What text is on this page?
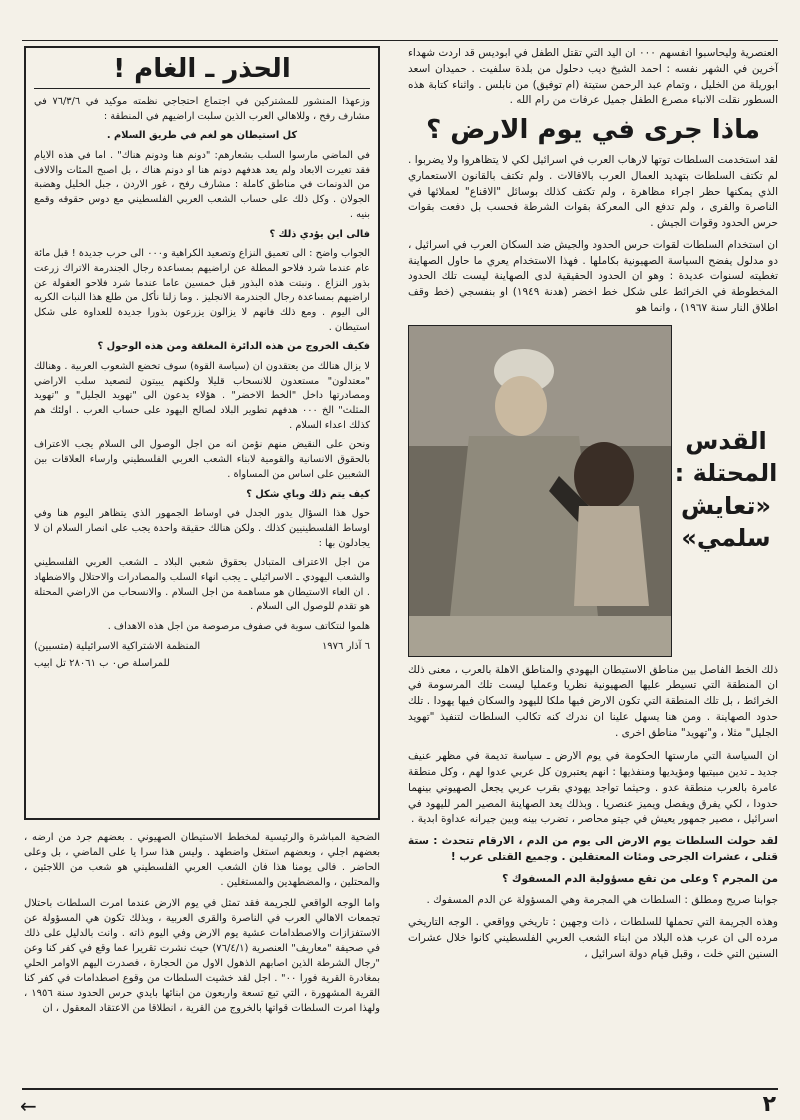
الحذر ـ الغام !

وزعهذا المنشور للمشتركين في اجتماع احتجاجي نظمته موكيد في ٧٦/٣/٦ في مشارف رفح ، وللاهالي العرب الذين سلبت اراضيهم في المنطقة :

كل استيطان هو لغم في طريق السلام .

في الماضي مارسوا السلب بشعارهم: "دونم هنا ودونم هناك" . اما في هذه الايام فقد تغيرت الابعاد ولم يعد هدفهم دونم هنا او دونم هناك ، بل اصبح المئات والالاف من الدونمات في مناطق كاملة : مشارف رفح ، غور الاردن ، جبل الخليل وهضبة الجولان . وكل ذلك على حساب الشعب العربي الفلسطيني مع دوس حقوقه وقمع بنيه .

فالى اين يؤدي ذلك ؟

الجواب واضح : الى تعميق النزاع وتصعيد الكراهية و٠٠٠ الى حرب جديدة ! قبل مائة عام عندما شرد فلاحو المطلة عن اراضيهم بمساعدة رجال الجندرمة الاتراك زرعت بذور النزاع . ونبتت هذه البذور قبل خمسين عاما عندما شرد فلاحو العفولة عن اراضيهم بمساعدة رجال الجندرمة الانجليز . وما زلنا نأكل من طلع هذا النبات الكريه الى اليوم . ومع ذلك فانهم لا يزالون يزرعون بذورا جديدة للعداوة على شكل استيطان .

فكيف الخروج من هذه الدائرة المغلقة ومن هذه الوحول ؟

لا يزال هنالك من يعتقدون ان (سياسة القوة) سوف تخضع الشعوب العربية . وهنالك "معتدلون" مستعدون للانسحاب قليلا ولكنهم يبيتون لتصعيد سلب الاراضي ومصادرتها داخل "الخط الاخضر" . هؤلاء يدعون الى "تهويد الجليل" و "تهويد المثلث" الخ ٠٠٠ هدفهم تطوير البلاد لصالح اليهود على حساب العرب . اولئك هم كذلك اعداء السلام .

ونحن على النقيض منهم نؤمن انه من اجل الوصول الى السلام يجب الاعتراف بالحقوق الانسانية والقومية لابناء الشعب العربي الفلسطيني وارساء العلاقات بين الشعبين على اساس من المساواة .

كيف يتم ذلك وباي شكل ؟

حول هذا السؤال يدور الجدل في اوساط الجمهور الذي يتظاهر اليوم هنا وفي اوساط الفلسطينيين كذلك . ولكن هنالك حقيقة واحدة يجب على انصار السلام ان لا يجادلون بها :

من اجل الاعتراف المتبادل بحقوق شعبي البلاد ـ الشعب العربي الفلسطيني والشعب اليهودي ـ الاسرائيلي ـ يجب انهاء السلب والمصادرات والاحتلال والاضطهاد . ان الغاء الاستيطان هو مساهمة من اجل السلام . والانسحاب من الاراضي المحتلة هو تقدم للوصول الى السلام .

هلموا لنتكاتف سوية في صفوف مرصوصة من اجل هذه الاهداف .

٦ آذار ١٩٧٦
المنظمة الاشتراكية الاسرائيلية (متسبين)
للمراسلة ص٠ ب ٢٨٠٦١ تل ابيب

الضحية المباشرة والرئيسية لمخطط الاستيطان الصهيوني . بعضهم جرد من ارضه ، بعضهم اجلي ، وبعضهم استغل واضطهد . وليس هذا سرا يا على الماضي ، بل وعلى الحاضر . فالى يومنا هذا فان الشعب العربي الفلسطيني هو شعب من اللاجئين ، والمحتلين ، والمضطهدين والمستغلين .

واما الوجه الواقعي للجريمة فقد تمثل في يوم الارض عندما امرت السلطات باحتلال تجمعات الاهالي العرب في الناصرة والقرى العربية ، وبذلك تكون هي المسؤولة عن الاستفزازات والاصطدامات عشية يوم الارض وفي اليوم ذاته . وانت بالدليل على ذلك في صحيفة "معاريف" العنصرية (٧٦/٤/١) حيث نشرت تقريرا عما وقع في كفر كنا وعن "رجال الشرطة الذين اصابهم الذهول الاول من الحجارة ، فصدرت اليهم الاوامر الحلي بمغادرة القرية فورا ٠٠" . اجل لقد خشيت السلطات من وقوع اصطدامات في كفر كنا القرية المشهورة ، التي تبع تسعة واربعون من ابنائها بايدي حرس الحدود سنة ١٩٥٦ ، ولهذا امرت السلطات قواتها بالخروج من القرية ، انطلاقا من الاعتقاد المعقول ، ان

العنصرية وليحاسبوا انفسهم ٠٠٠ ان اليد التي تقتل الطفل في ابوديس قد اردت شهداء آخرين في الشهر نفسه : احمد الشيخ ديب دحلول من بلدة سلفيت . حميدان اسعد ابوريلة من الخليل ، وتمام عبد الرحمن ستيتة (ام توفيق) من نابلس . واثناء كتابة هذه السطور نقلت الانباء مصرع الطفل جميل عرفات من رام الله .

ماذا جرى في يوم الارض ؟

لقد استخدمت السلطات توتها لارهاب العرب في اسرائيل لكي لا يتظاهروا ولا يضربوا . لم تكتف السلطات بتهديد العمال العرب بالاقالات . ولم تكتف بالقانون الاستعماري الذي يمكنها حظر اجراء مظاهرة ، ولم تكتف كذلك بوسائل "الاقناع" لعملائها في الناصرة والقرى ، ولم تدفع الى المعركة بقوات الشرطة فحسب بل دفعت بقوات حرس الحدود وقوات الجيش .

ان استخدام السلطات لقوات حرس الحدود والجيش ضد السكان العرب في اسرائيل ، دو مدلول يفضح السياسة الصهيونية بكاملها . فهذا الاستخدام يعري ما حاول الصهاينة تغطيته لسنوات عديدة : وهو ان الحدود الحقيقية لدى الصهاينة ليست تلك الحدود المخطوطة في الخرائط على شكل خط اخضر (هدنة ١٩٤٩) او بنفسجي (خط وقف اطلاق النار سنة ١٩٦٧) ، وانما هو

القدس
المحتلة :
«تعايش
سلمي»

ذلك الخط الفاصل بين مناطق الاستيطان اليهودي والمناطق الاهلة بالعرب ، معنى ذلك ان المنطقة التي تسيطر عليها الصهيونية نظريا وعمليا ليست تلك المرسومة في الخرائط ، بل تلك المنطقة التي تكون الارض فيها ملكا لليهود والسكان فيها يهودا . تلك حدود الصهاينة . ومن هنا يسهل علينا ان ندرك كنه تكالب السلطات لتنفيذ "تهويد الجليل" مثلا ، و"تهويد" مناطق اخرى .

ان السياسة التي مارستها الحكومة في يوم الارض ـ سياسة تديمة في مظهر عنيف جديد ـ تدين مبيتيها ومؤيديها ومنفذيها : انهم يعتبرون كل عربي عدوا لهم ، وكل منطقة عامرة بالعرب منطقة عدو . وحيثما تواجد يهودي بقرب عربي يجعل الصهيوني بينهما حدودا ، لكي يفرق ويفصل ويميز عنصريا . وبذلك يعد الصهاينة المصير المر لليهود في اسرائيل ، مصير جمهور يعيش في جيتو محاصر ، تضرب بينه وبين جيرانه عداوة ابدية .

لقد حولت السلطات يوم الارض الى يوم من الدم ، الارقام تتحدث : ستة قتلى ، عشرات الجرحى ومئات المعتقلين . وجميع القتلى عرب !

من المجرم ؟ وعلى من تقع مسؤولية الدم المسفوك ؟

جوابنا صريح ومطلق : السلطات هي المجرمة وهي المسؤولة عن الدم المسفوك .

وهذه الجريمة التي تحملها للسلطات ، ذات وجهين : تاريخي وواقعي . الوجه التاريخي مرده الى ان عرب هذه البلاد من ابناء الشعب العربي الفلسطيني كانوا خلال عشرات السنين التي خلت ، وقبل قيام دولة اسرائيل ،

←	٢
